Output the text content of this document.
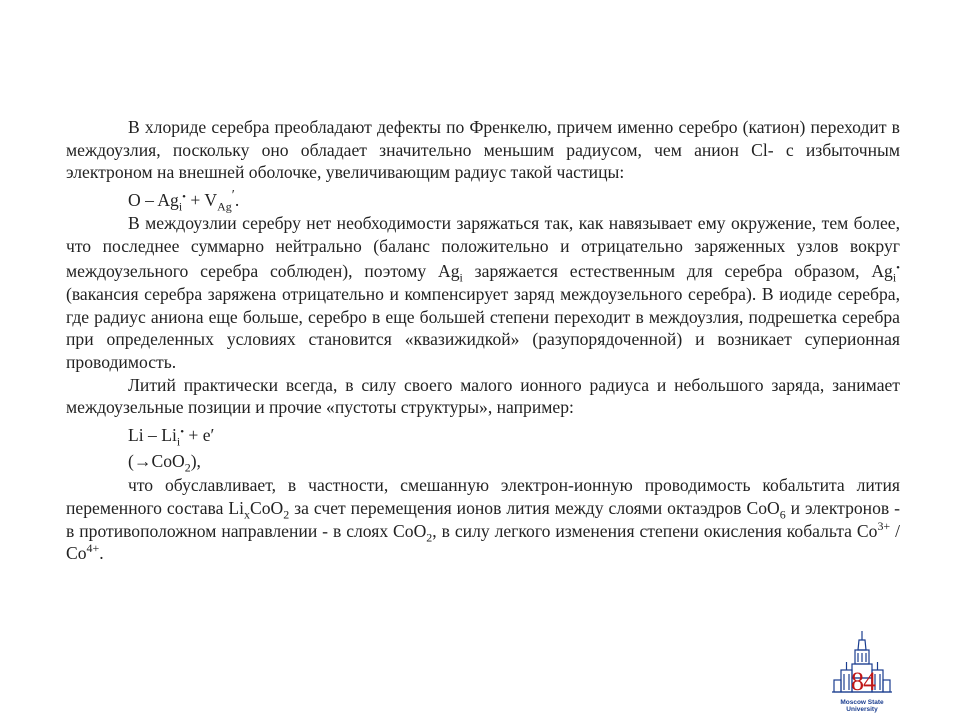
В хлориде серебра преобладают дефекты по Френкелю, причем именно серебро (катион) переходит в междоузлия, поскольку оно обладает значительно меньшим радиусом, чем анион Cl- с избыточным электроном на внешней оболочке, увеличивающим радиус такой частицы:

$O - Ag_i^• + V_{Ag}'$.

В междоузлии серебру нет необходимости заряжаться так, как навязывает ему окружение, тем более, что последнее суммарно нейтрально (баланс положительно и отрицательно заряженных узлов вокруг междоузельного серебра соблюден), поэтому $Ag_i$ заряжается естественным для серебра образом, $Ag_i^•$ (вакансия серебра заряжена отрицательно и компенсирует заряд междоузельного серебра). В иодиде серебра, где радиус аниона еще больше, серебро в еще большей степени переходит в междоузлия, подрешетка серебра при определенных условиях становится «квазижидкой» (разупорядоченной) и возникает суперионная проводимость.

Литий практически всегда, в силу своего малого ионного радиуса и небольшого заряда, занимает междоузельные позиции и прочие «пустоты структуры», например:

$Li - Li_i^• + e'$

(→CoO$_2$),

что обуславливает, в частности, смешанную электрон-ионную проводимость кобальтита лития переменного состава $Li_xCoO_2$ за счет перемещения ионов лития между слоями октаэдров CoO$_6$ и электронов - в противоположном направлении - в слоях CoO$_2$, в силу легкого изменения степени окисления кобальта $Co^{3+} / Co^{4+}$.

84
Moscow State
University
